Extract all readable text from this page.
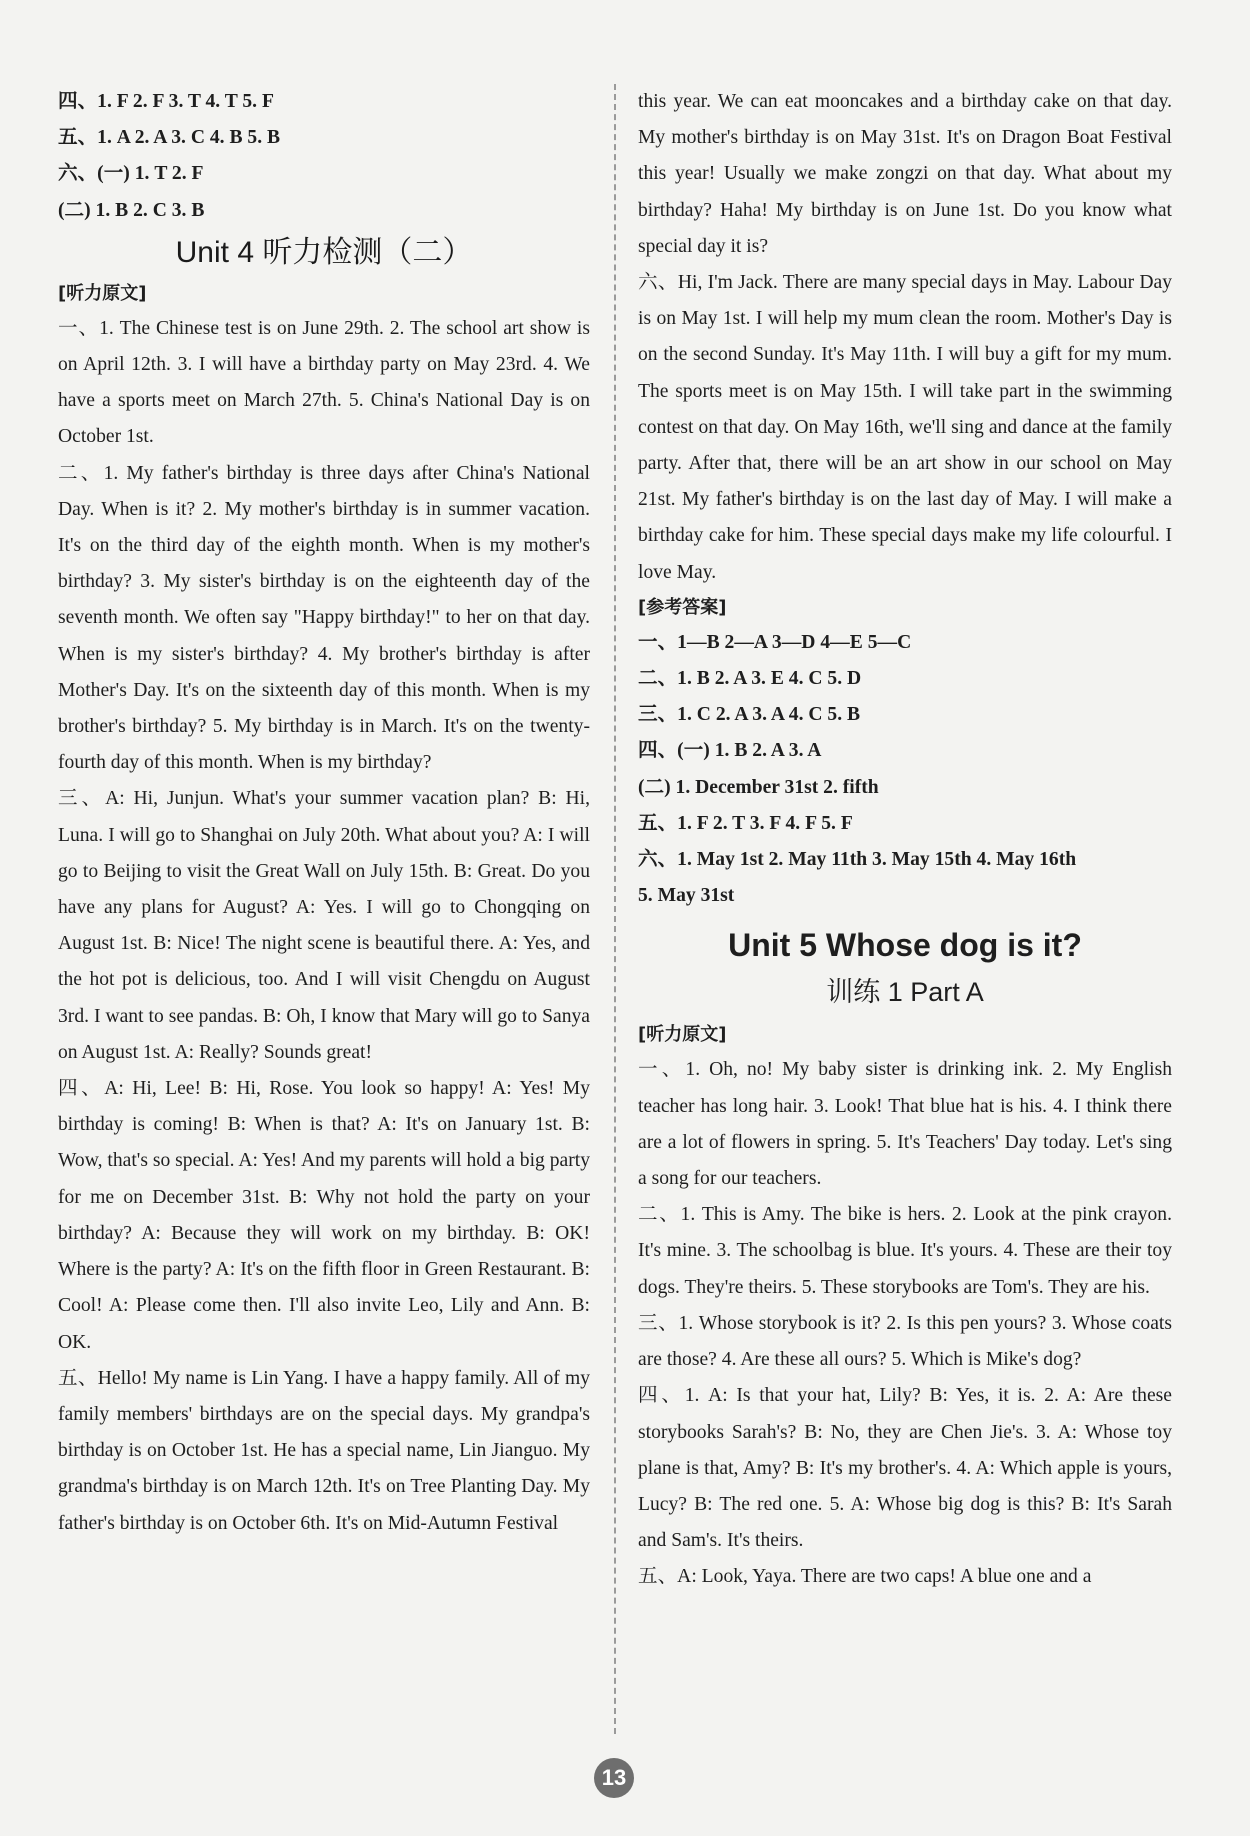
四、1. F 2. F 3. T 4. T 5. F

五、1. A 2. A 3. C 4. B 5. B

六、(一) 1. T 2. F

(二) 1. B 2. C 3. B

Unit 4 听力检测（二）
[听力原文]

一、1. The Chinese test is on June 29th. 2. The school art show is on April 12th. 3. I will have a birthday party on May 23rd. 4. We have a sports meet on March 27th. 5. China's National Day is on October 1st.

二、1. My father's birthday is three days after China's National Day. When is it? 2. My mother's birthday is in summer vacation. It's on the third day of the eighth month. When is my mother's birthday? 3. My sister's birthday is on the eighteenth day of the seventh month. We often say "Happy birthday!" to her on that day. When is my sister's birthday? 4. My brother's birthday is after Mother's Day. It's on the sixteenth day of this month. When is my brother's birthday? 5. My birthday is in March. It's on the twenty-fourth day of this month. When is my birthday?

三、A: Hi, Junjun. What's your summer vacation plan? B: Hi, Luna. I will go to Shanghai on July 20th. What about you? A: I will go to Beijing to visit the Great Wall on July 15th. B: Great. Do you have any plans for August? A: Yes. I will go to Chongqing on August 1st. B: Nice! The night scene is beautiful there. A: Yes, and the hot pot is delicious, too. And I will visit Chengdu on August 3rd. I want to see pandas. B: Oh, I know that Mary will go to Sanya on August 1st. A: Really? Sounds great!

四、A: Hi, Lee! B: Hi, Rose. You look so happy! A: Yes! My birthday is coming! B: When is that? A: It's on January 1st. B: Wow, that's so special. A: Yes! And my parents will hold a big party for me on December 31st. B: Why not hold the party on your birthday? A: Because they will work on my birthday. B: OK! Where is the party? A: It's on the fifth floor in Green Restaurant. B: Cool! A: Please come then. I'll also invite Leo, Lily and Ann. B: OK.

五、Hello! My name is Lin Yang. I have a happy family. All of my family members' birthdays are on the special days. My grandpa's birthday is on October 1st. He has a special name, Lin Jianguo. My grandma's birthday is on March 12th. It's on Tree Planting Day. My father's birthday is on October 6th. It's on Mid-Autumn Festival

this year. We can eat mooncakes and a birthday cake on that day. My mother's birthday is on May 31st. It's on Dragon Boat Festival this year! Usually we make zongzi on that day. What about my birthday? Haha! My birthday is on June 1st. Do you know what special day it is?

六、Hi, I'm Jack. There are many special days in May. Labour Day is on May 1st. I will help my mum clean the room. Mother's Day is on the second Sunday. It's May 11th. I will buy a gift for my mum. The sports meet is on May 15th. I will take part in the swimming contest on that day. On May 16th, we'll sing and dance at the family party. After that, there will be an art show in our school on May 21st. My father's birthday is on the last day of May. I will make a birthday cake for him. These special days make my life colourful. I love May.

[参考答案]

一、1—B 2—A 3—D 4—E 5—C

二、1. B 2. A 3. E 4. C 5. D

三、1. C 2. A 3. A 4. C 5. B

四、(一) 1. B 2. A 3. A

(二) 1. December 31st 2. fifth

五、1. F 2. T 3. F 4. F 5. F

六、1. May 1st 2. May 11th 3. May 15th 4. May 16th

5. May 31st

Unit 5 Whose dog is it?
训练 1 Part A
[听力原文]

一、1. Oh, no! My baby sister is drinking ink. 2. My English teacher has long hair. 3. Look! That blue hat is his. 4. I think there are a lot of flowers in spring. 5. It's Teachers' Day today. Let's sing a song for our teachers.

二、1. This is Amy. The bike is hers. 2. Look at the pink crayon. It's mine. 3. The schoolbag is blue. It's yours. 4. These are their toy dogs. They're theirs. 5. These storybooks are Tom's. They are his.

三、1. Whose storybook is it? 2. Is this pen yours? 3. Whose coats are those? 4. Are these all ours? 5. Which is Mike's dog?

四、1. A: Is that your hat, Lily? B: Yes, it is. 2. A: Are these storybooks Sarah's? B: No, they are Chen Jie's. 3. A: Whose toy plane is that, Amy? B: It's my brother's. 4. A: Which apple is yours, Lucy? B: The red one. 5. A: Whose big dog is this? B: It's Sarah and Sam's. It's theirs.

五、A: Look, Yaya. There are two caps! A blue one and a

13
